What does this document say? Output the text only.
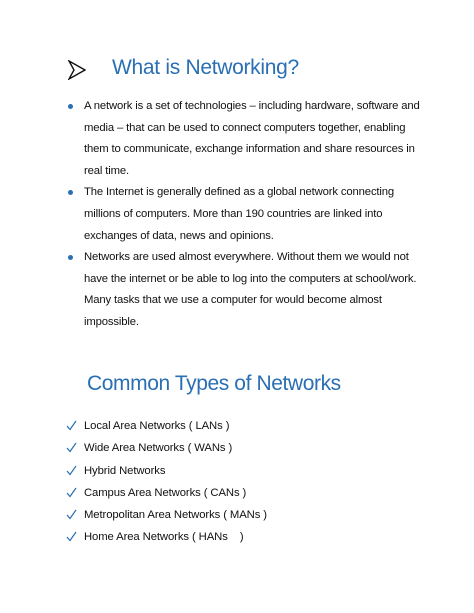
What is Networking?
A network is a set of technologies – including hardware, software and
media – that can be used to connect computers together, enabling
them to communicate, exchange information and share resources in
real time.
The Internet is generally defined as a global network connecting
millions of computers. More than 190 countries are linked into
exchanges of data, news and opinions.
Networks are used almost everywhere. Without them we would not
have the internet or be able to log into the computers at school/work.
Many tasks that we use a computer for would become almost
impossible.
Common Types of Networks
Local Area Networks ( LANs )
Wide Area Networks ( WANs )
Hybrid Networks
Campus Area Networks ( CANs )
Metropolitan Area Networks ( MANs )
Home Area Networks ( HANs    )
